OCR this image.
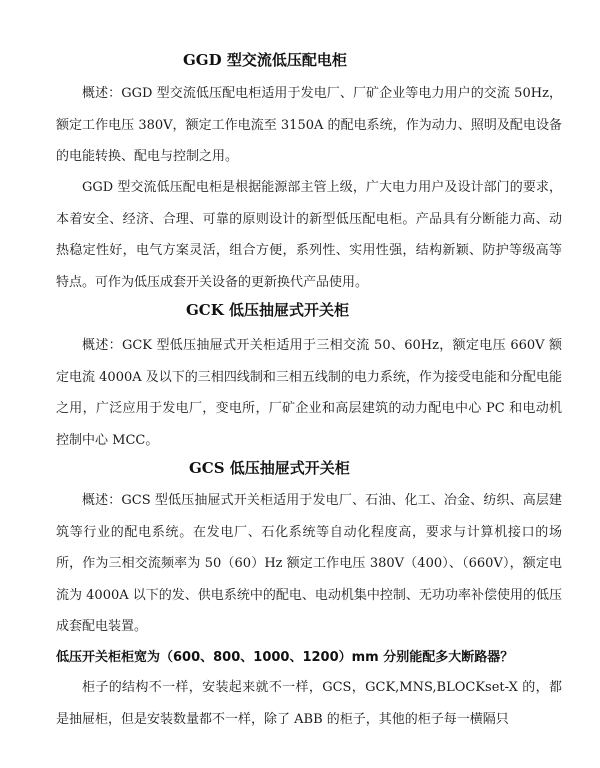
GGD 型交流低压配电柜

概述：GGD 型交流低压配电柜适用于发电厂、厂矿企业等电力用户的交流 50Hz，额定工作电压 380V，额定工作电流至 3150A 的配电系统，作为动力、照明及配电设备的电能转换、配电与控制之用。

GGD 型交流低压配电柜是根据能源部主管上级，广大电力用户及设计部门的要求，本着安全、经济、合理、可靠的原则设计的新型低压配电柜。产品具有分断能力高、动热稳定性好，电气方案灵活，组合方便，系列性、实用性强，结构新颖、防护等级高等特点。可作为低压成套开关设备的更新换代产品使用。

GCK 低压抽屉式开关柜

概述：GCK 型低压抽屉式开关柜适用于三相交流 50、60Hz，额定电压 660V 额定电流 4000A 及以下的三相四线制和三相五线制的电力系统，作为接受电能和分配电能之用，广泛应用于发电厂，变电所，厂矿企业和高层建筑的动力配电中心 PC 和电动机控制中心 MCC。

GCS 低压抽屉式开关柜

概述：GCS 型低压抽屉式开关柜适用于发电厂、石油、化工、冶金、纺织、高层建筑等行业的配电系统。在发电厂、石化系统等自动化程度高，要求与计算机接口的场所，作为三相交流频率为 50（60）Hz 额定工作电压 380V（400）、（660V），额定电流为 4000A 以下的发、供电系统中的配电、电动机集中控制、无功功率补偿使用的低压成套配电装置。

低压开关柜柜宽为（600、800、1000、1200）mm 分别能配多大断路器？

柜子的结构不一样，安装起来就不一样，GCS，GCK,MNS,BLOCKset-X 的，都是抽屉柜，但是安装数量都不一样，除了 ABB 的柜子，其他的柜子每一横隔只
